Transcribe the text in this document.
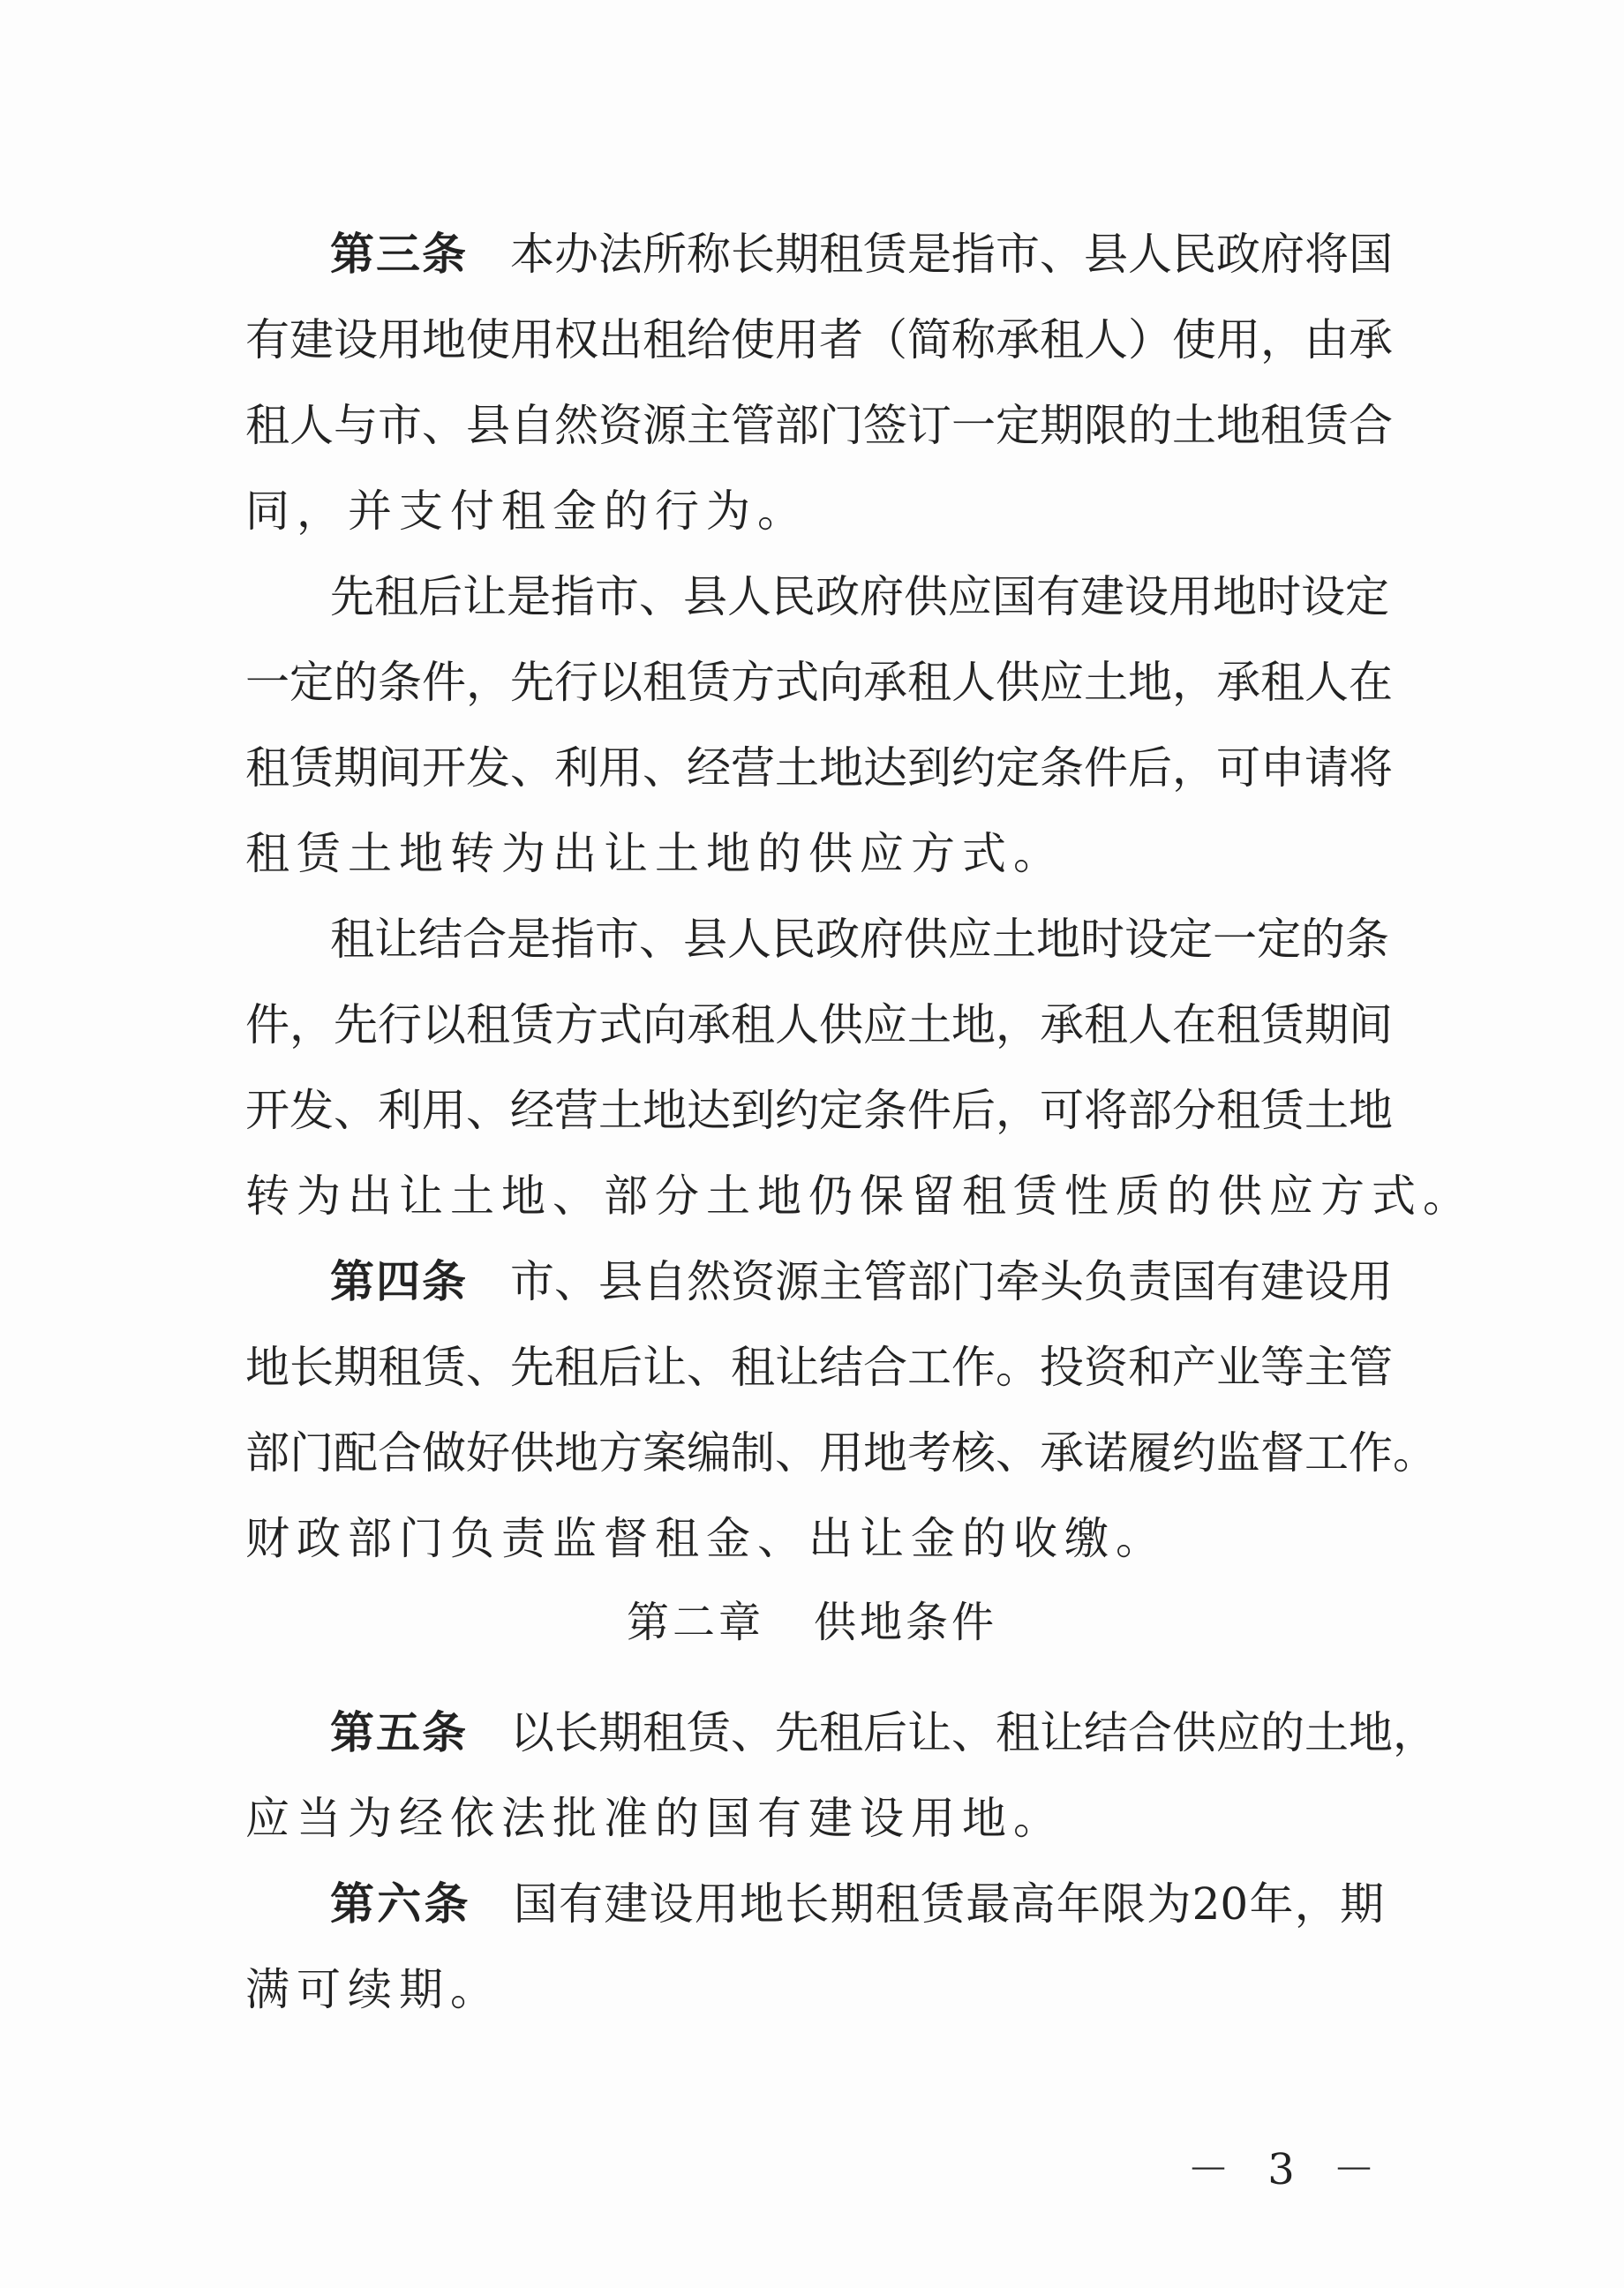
第三条 本办法所称长期租赁是指市、县人民政府将国
有建设用地使用权出租给使用者（简称承租人）使用，由承
租人与市、县自然资源主管部门签订一定期限的土地租赁合
同，并支付租金的行为。
先租后让是指市、县人民政府供应国有建设用地时设定
一定的条件，先行以租赁方式向承租人供应土地，承租人在
租赁期间开发、利用、经营土地达到约定条件后，可申请将
租赁土地转为出让土地的供应方式。
租让结合是指市、县人民政府供应土地时设定一定的条
件，先行以租赁方式向承租人供应土地，承租人在租赁期间
开发、利用、经营土地达到约定条件后，可将部分租赁土地
转为出让土地、部分土地仍保留租赁性质的供应方式。
第四条 市、县自然资源主管部门牵头负责国有建设用
地长期租赁、先租后让、租让结合工作。投资和产业等主管
部门配合做好供地方案编制、用地考核、承诺履约监督工作。
财政部门负责监督租金、出让金的收缴。
第二章 供地条件
第五条 以长期租赁、先租后让、租让结合供应的土地，
应当为经依法批准的国有建设用地。
第六条 国有建设用地长期租赁最高年限为20年，期
满可续期。
－ 3 －
